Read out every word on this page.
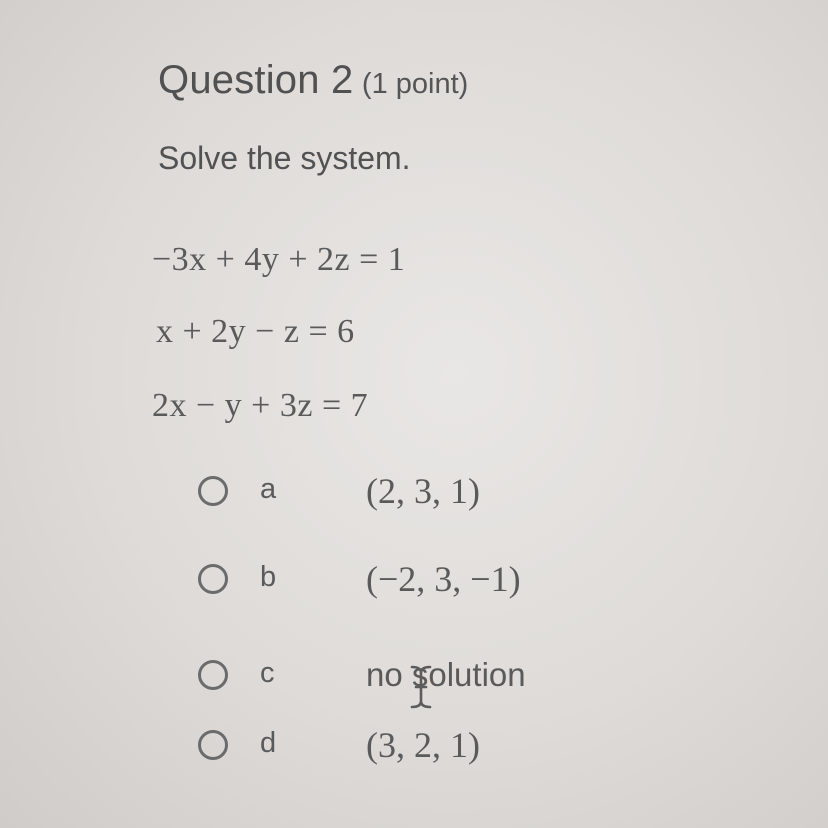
Question 2 (1 point)
Solve the system.
−3x + 4y + 2z = 1
x + 2y − z = 6
2x − y + 3z = 7
a (2, 3, 1)
b (−2, 3, −1)
c	no solution
d (3, 2, 1)
